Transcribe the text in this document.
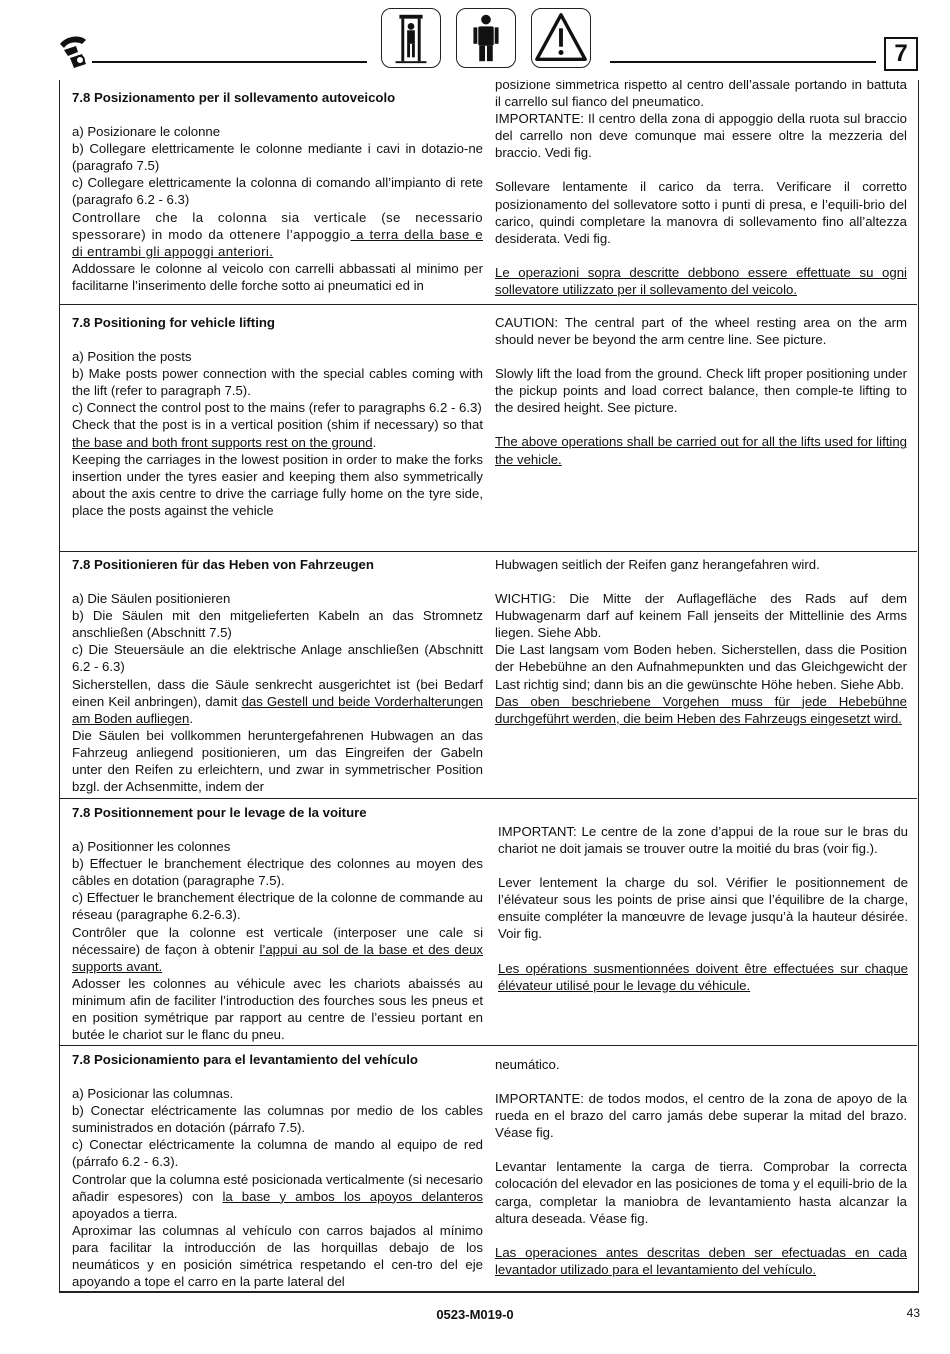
7

7.8 Posizionamento per il sollevamento autoveicolo

a) Posizionare le colonne

b) Collegare elettricamente le colonne mediante i cavi in dotazio-ne (paragrafo 7.5)

c) Collegare elettricamente la colonna di comando all’impianto di rete (paragrafo 6.2 - 6.3)

Controllare che la colonna sia verticale (se necessario spessorare) in modo da ottenere l’appoggio a terra della base e di entrambi gli appoggi anteriori.

Addossare le colonne al veicolo con carrelli abbassati al minimo per facilitarne l’inserimento delle forche sotto ai pneumatici ed in

posizione simmetrica rispetto al centro dell’assale portando in battuta il carrello sul fianco del pneumatico.

IMPORTANTE: Il centro della zona di appoggio della ruota sul braccio del carrello non deve comunque mai essere oltre la mezzeria del braccio. Vedi fig.

Sollevare lentamente il carico da terra. Verificare il corretto posizionamento del sollevatore sotto i punti di presa, e l’equili-brio del carico, quindi completare la manovra di sollevamento fino all’altezza desiderata. Vedi fig.

Le operazioni sopra descritte debbono essere effettuate su ogni sollevatore utilizzato per il sollevamento del veicolo.

7.8 Positioning for vehicle lifting

a) Position the posts

b) Make posts power connection with the special cables coming with the lift (refer to paragraph 7.5).

c) Connect the control post to the mains (refer to paragraphs 6.2 - 6.3)

Check that the post is in a vertical position (shim if necessary) so that the base and both front supports rest on the ground.

Keeping the carriages in the lowest position in order to make the forks insertion under the tyres easier and keeping them also symmetrically about the axis centre to drive the carriage fully home on the tyre side, place the posts against the vehicle

CAUTION: The central part of the wheel resting area on the arm should never be beyond the arm centre line. See picture.

Slowly lift the load from the ground. Check lift proper positioning under the pickup points and load correct balance, then comple-te lifting to the desired height. See picture.

The above operations shall be carried out for all the lifts used for lifting the vehicle.

7.8 Positionieren für das Heben von Fahrzeugen

a) Die Säulen positionieren

b) Die Säulen mit den mitgelieferten Kabeln an das Stromnetz anschließen (Abschnitt 7.5)

c) Die Steuersäule an die elektrische Anlage anschließen (Abschnitt 6.2 - 6.3)

Sicherstellen, dass die Säule senkrecht ausgerichtet ist (bei Bedarf einen Keil anbringen), damit das Gestell und beide Vorderhalterungen am Boden aufliegen.

Die Säulen bei vollkommen heruntergefahrenen Hubwagen an das Fahrzeug anliegend positionieren, um das Eingreifen der Gabeln unter den Reifen zu erleichtern, und zwar in symmetrischer Position bzgl. der Achsenmitte, indem der

Hubwagen seitlich der Reifen ganz herangefahren wird.

WICHTIG: Die Mitte der Auflagefläche des Rads auf dem Hubwagenarm darf auf keinem Fall jenseits der Mittellinie des Arms liegen. Siehe Abb.

Die Last langsam vom Boden heben. Sicherstellen, dass die Position der Hebebühne an den Aufnahmepunkten und das Gleichgewicht der Last richtig sind; dann bis an die gewünschte Höhe heben. Siehe Abb.

Das oben beschriebene Vorgehen muss für jede Hebebühne durchgeführt werden, die beim Heben des Fahrzeugs eingesetzt wird.

7.8 Positionnement pour le levage de la voiture

a) Positionner les colonnes

b) Effectuer le branchement électrique des colonnes au moyen des câbles en dotation (paragraphe 7.5).

c) Effectuer le branchement électrique de la colonne de commande au réseau (paragraphe 6.2-6.3).

Contrôler que la colonne est verticale (interposer une cale si nécessaire) de façon à obtenir l’appui au sol de la base et des deux supports avant.

Adosser les colonnes au véhicule avec les chariots abaissés au minimum afin de faciliter l’introduction des fourches sous les pneus et en position symétrique par rapport au centre de l’essieu portant en butée le chariot sur le flanc du pneu.

IMPORTANT: Le centre de la zone d’appui de la roue sur le bras du chariot ne doit jamais se trouver outre la moitié du bras (voir fig.).

Lever lentement la charge du sol. Vérifier le positionnement de l’élévateur sous les points de prise ainsi que l’équilibre de la charge, ensuite compléter la manœuvre de levage jusqu’à la hauteur désirée. Voir fig.

Les opérations susmentionnées doivent être effectuées sur chaque élévateur utilisé pour le levage du véhicule.

7.8 Posicionamiento para el levantamiento del vehículo

a) Posicionar las columnas.

b) Conectar eléctricamente las columnas por medio de los cables suministrados en dotación (párrafo 7.5).

c) Conectar eléctricamente la columna de mando al equipo de red (párrafo 6.2 - 6.3).

Controlar que la columna esté posicionada verticalmente (si necesario añadir espesores) con la base y ambos los apoyos delanteros apoyados a tierra.

Aproximar las columnas al vehículo con carros bajados al mínimo para facilitar la introducción de las horquillas debajo de los neumáticos y en posición simétrica respetando el cen-tro del eje apoyando a tope el carro en la parte lateral del

neumático.

IMPORTANTE: de todos modos, el centro de la zona de apoyo de la rueda en el brazo del carro jamás debe superar la mitad del brazo. Véase fig.

Levantar lentamente la carga de tierra. Comprobar la correcta colocación del elevador en las posiciones de toma y el equili-brio de la carga, completar la maniobra de levantamiento hasta alcanzar la altura deseada. Véase fig.

Las operaciones antes descritas deben ser efectuadas en cada levantador utilizado para el levantamiento del vehículo.

0523-M019-0	43
